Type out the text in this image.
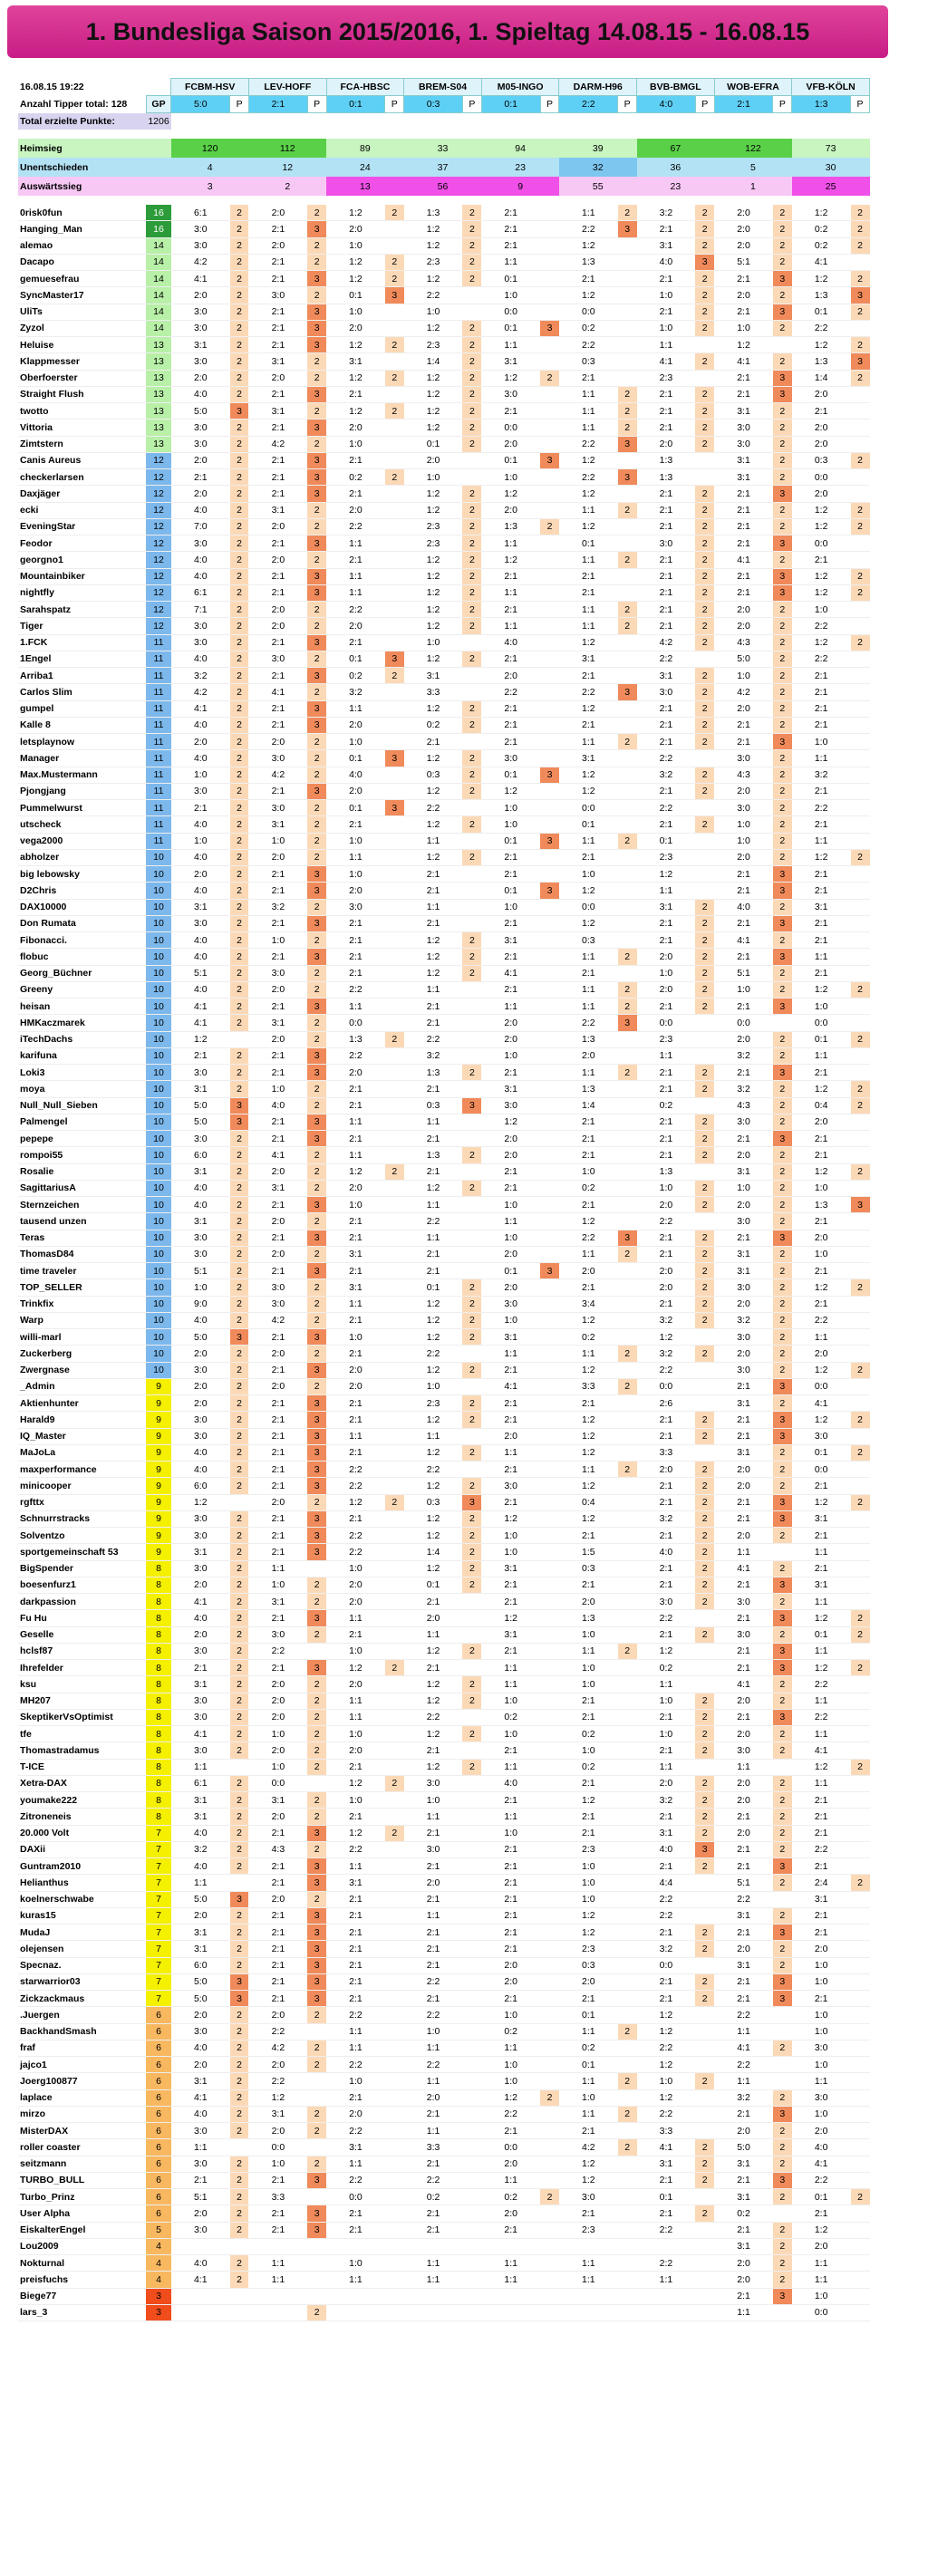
1. Bundesliga Saison 2015/2016, 1. Spieltag 14.08.15 - 16.08.15
16.08.15 19:22		FCBM-HSV		LEV-HOFF		FCA-HBSC		BREM-S04		M05-INGO		DARM-H96		BVB-BMGL		WOB-EFRA		VFB-KÖLN	
Anzahl Tipper total: 128	GP	5:0	P	2:1	P	0:1	P	0:3	P	0:1	P	2:2	P	4:0	P	2:1	P	1:3	P
Total erzielte Punkte:	1206																		

Heimsieg		120		112		89		33		94		39		67		122		73	
Unentschieden		4		12		24		37		23		32		36		5		30	
Auswärtssieg		3		2		13		56		9		55		23		1		25	

0risk0fun	16	6:1	2	2:0	2	1:2	2	1:3	2	2:1		1:1	2	3:2	2	2:0	2	1:2	2
Hanging_Man	16	3:0	2	2:1	3	2:0		1:2	2	2:1		2:2	3	2:1	2	2:0	2	0:2	2
alemao	14	3:0	2	2:0	2	1:0		1:2	2	2:1		1:2		3:1	2	2:0	2	0:2	2
Dacapo	14	4:2	2	2:1	2	1:2	2	2:3	2	1:1		1:3		4:0	3	5:1	2	4:1	
gemuesefrau	14	4:1	2	2:1	3	1:2	2	1:2	2	0:1		2:1		2:1	2	2:1	3	1:2	2
SyncMaster17	14	2:0	2	3:0	2	0:1	3	2:2		1:0		1:2		1:0	2	2:0	2	1:3	3
UliTs	14	3:0	2	2:1	3	1:0		1:0		0:0		0:0		2:1	2	2:1	3	0:1	2
Zyzol	14	3:0	2	2:1	3	2:0		1:2	2	0:1	3	0:2		1:0	2	1:0	2	2:2	
Heluise	13	3:1	2	2:1	3	1:2	2	2:3	2	1:1		2:2		1:1		1:2		1:2	2
Klappmesser	13	3:0	2	3:1	2	3:1		1:4	2	3:1		0:3		4:1	2	4:1	2	1:3	3
Oberfoerster	13	2:0	2	2:0	2	1:2	2	1:2	2	1:2	2	2:1		2:3		2:1	3	1:4	2
Straight Flush	13	4:0	2	2:1	3	2:1		1:2	2	3:0		1:1	2	2:1	2	2:1	3	2:0	
twotto	13	5:0	3	3:1	2	1:2	2	1:2	2	2:1		1:1	2	2:1	2	3:1	2	2:1	
Vittoria	13	3:0	2	2:1	3	2:0		1:2	2	0:0		1:1	2	2:1	2	3:0	2	2:0	
Zimtstern	13	3:0	2	4:2	2	1:0		0:1	2	2:0		2:2	3	2:0	2	3:0	2	2:0	
Canis Aureus	12	2:0	2	2:1	3	2:1		2:0		0:1	3	1:2		1:3		3:1	2	0:3	2
checkerlarsen	12	2:1	2	2:1	3	0:2	2	1:0		1:0		2:2	3	1:3		3:1	2	0:0	
Daxjäger	12	2:0	2	2:1	3	2:1		1:2	2	1:2		1:2		2:1	2	2:1	3	2:0	
ecki	12	4:0	2	3:1	2	2:0		1:2	2	2:0		1:1	2	2:1	2	2:1	2	1:2	2
EveningStar	12	7:0	2	2:0	2	2:2		2:3	2	1:3	2	1:2		2:1	2	2:1	2	1:2	2
Feodor	12	3:0	2	2:1	3	1:1		2:3	2	1:1		0:1		3:0	2	2:1	3	0:0	
georgno1	12	4:0	2	2:0	2	2:1		1:2	2	1:2		1:1	2	2:1	2	4:1	2	2:1	
Mountainbiker	12	4:0	2	2:1	3	1:1		1:2	2	2:1		2:1		2:1	2	2:1	3	1:2	2
nightfly	12	6:1	2	2:1	3	1:1		1:2	2	1:1		2:1		2:1	2	2:1	3	1:2	2
Sarahspatz	12	7:1	2	2:0	2	2:2		1:2	2	2:1		1:1	2	2:1	2	2:0	2	1:0	
Tiger	12	3:0	2	2:0	2	2:0		1:2	2	1:1		1:1	2	2:1	2	2:0	2	2:2	
1.FCK	11	3:0	2	2:1	3	2:1		1:0		4:0		1:2		4:2	2	4:3	2	1:2	2
1Engel	11	4:0	2	3:0	2	0:1	3	1:2	2	2:1		3:1		2:2		5:0	2	2:2	
Arriba1	11	3:2	2	2:1	3	0:2	2	3:1		2:0		2:1		3:1	2	1:0	2	2:1	
Carlos Slim	11	4:2	2	4:1	2	3:2		3:3		2:2		2:2	3	3:0	2	4:2	2	2:1	
gumpel	11	4:1	2	2:1	3	1:1		1:2	2	2:1		1:2		2:1	2	2:0	2	2:1	
Kalle 8	11	4:0	2	2:1	3	2:0		0:2	2	2:1		2:1		2:1	2	2:1	2	2:1	
letsplaynow	11	2:0	2	2:0	2	1:0		2:1		2:1		1:1	2	2:1	2	2:1	3	1:0	
Manager	11	4:0	2	3:0	2	0:1	3	1:2	2	3:0		3:1		2:2		3:0	2	1:1	
Max.Mustermann	11	1:0	2	4:2	2	4:0		0:3	2	0:1	3	1:2		3:2	2	4:3	2	3:2	
Pjongjang	11	3:0	2	2:1	3	2:0		1:2	2	1:2		1:2		2:1	2	2:0	2	2:1	
Pummelwurst	11	2:1	2	3:0	2	0:1	3	2:2		1:0		0:0		2:2		3:0	2	2:2	
utscheck	11	4:0	2	3:1	2	2:1		1:2	2	1:0		0:1		2:1	2	1:0	2	2:1	
vega2000	11	1:0	2	1:0	2	1:0		1:1		0:1	3	1:1	2	0:1		1:0	2	1:1	
abholzer	10	4:0	2	2:0	2	1:1		1:2	2	2:1		2:1		2:3		2:0	2	1:2	2
big lebowsky	10	2:0	2	2:1	3	1:0		2:1		2:1		1:0		1:2		2:1	3	2:1	
D2Chris	10	4:0	2	2:1	3	2:0		2:1		0:1	3	1:2		1:1		2:1	3	2:1	
DAX10000	10	3:1	2	3:2	2	3:0		1:1		1:0		0:0		3:1	2	4:0	2	3:1	
Don Rumata	10	3:0	2	2:1	3	2:1		2:1		2:1		1:2		2:1	2	2:1	3	2:1	
Fibonacci.	10	4:0	2	1:0	2	2:1		1:2	2	3:1		0:3		2:1	2	4:1	2	2:1	
flobuc	10	4:0	2	2:1	3	2:1		1:2	2	2:1		1:1	2	2:0	2	2:1	3	1:1	
Georg_Büchner	10	5:1	2	3:0	2	2:1		1:2	2	4:1		2:1		1:0	2	5:1	2	2:1	
Greeny	10	4:0	2	2:0	2	2:2		1:1		2:1		1:1	2	2:0	2	1:0	2	1:2	2
heisan	10	4:1	2	2:1	3	1:1		2:1		1:1		1:1	2	2:1	2	2:1	3	1:0	
HMKaczmarek	10	4:1	2	3:1	2	0:0		2:1		2:0		2:2	3	0:0		0:0		0:0	
iTechDachs	10	1:2		2:0	2	1:3	2	2:2		2:0		1:3		2:3		2:0	2	0:1	2
karifuna	10	2:1	2	2:1	3	2:2		3:2		1:0		2:0		1:1		3:2	2	1:1	
Loki3	10	3:0	2	2:1	3	2:0		1:3	2	2:1		1:1	2	2:1	2	2:1	3	2:1	
moya	10	3:1	2	1:0	2	2:1		2:1		3:1		1:3		2:1	2	3:2	2	1:2	2
Null_Null_Sieben	10	5:0	3	4:0	2	2:1		0:3	3	3:0		1:4		0:2		4:3	2	0:4	2
Palmengel	10	5:0	3	2:1	3	1:1		1:1		1:2		2:1		2:1	2	3:0	2	2:0	
pepepe	10	3:0	2	2:1	3	2:1		2:1		2:0		2:1		2:1	2	2:1	3	2:1	
rompoi55	10	6:0	2	4:1	2	1:1		1:3	2	2:0		2:1		2:1	2	2:0	2	2:1	
Rosalie	10	3:1	2	2:0	2	1:2	2	2:1		2:1		1:0		1:3		3:1	2	1:2	2
SagittariusA	10	4:0	2	3:1	2	2:0		1:2	2	2:1		0:2		1:0	2	1:0	2	1:0	
Sternzeichen	10	4:0	2	2:1	3	1:0		1:1		1:0		2:1		2:0	2	2:0	2	1:3	3
tausend unzen	10	3:1	2	2:0	2	2:1		2:2		1:1		1:2		2:2		3:0	2	2:1	
Teras	10	3:0	2	2:1	3	2:1		1:1		1:0		2:2	3	2:1	2	2:1	3	2:0	
ThomasD84	10	3:0	2	2:0	2	3:1		2:1		2:0		1:1	2	2:1	2	3:1	2	1:0	
time traveler	10	5:1	2	2:1	3	2:1		2:1		0:1	3	2:0		2:0	2	3:1	2	2:1	
TOP_SELLER	10	1:0	2	3:0	2	3:1		0:1	2	2:0		2:1		2:0	2	3:0	2	1:2	2
Trinkfix	10	9:0	2	3:0	2	1:1		1:2	2	3:0		3:4		2:1	2	2:0	2	2:1	
Warp	10	4:0	2	4:2	2	2:1		1:2	2	1:0		1:2		3:2	2	3:2	2	2:2	
willi-marl	10	5:0	3	2:1	3	1:0		1:2	2	3:1		0:2		1:2		3:0	2	1:1	
Zuckerberg	10	2:0	2	2:0	2	2:1		2:2		1:1		1:1	2	3:2	2	2:0	2	2:0	
Zwergnase	10	3:0	2	2:1	3	2:0		1:2	2	2:1		1:2		2:2		3:0	2	1:2	2
_Admin	9	2:0	2	2:0	2	2:0		1:0		4:1		3:3	2	0:0		2:1	3	0:0	
Aktienhunter	9	2:0	2	2:1	3	2:1		2:3	2	2:1		2:1		2:6		3:1	2	4:1	
Harald9	9	3:0	2	2:1	3	2:1		1:2	2	2:1		1:2		2:1	2	2:1	3	1:2	2
IQ_Master	9	3:0	2	2:1	3	1:1		1:1		2:0		1:2		2:1	2	2:1	3	3:0	
MaJoLa	9	4:0	2	2:1	3	2:1		1:2	2	1:1		1:2		3:3		3:1	2	0:1	2
maxperformance	9	4:0	2	2:1	3	2:2		2:2		2:1		1:1	2	2:0	2	2:0	2	0:0	
minicooper	9	6:0	2	2:1	3	2:2		1:2	2	3:0		1:2		2:1	2	2:0	2	2:1	
rgfttx	9	1:2		2:0	2	1:2	2	0:3	3	2:1		0:4		2:1	2	2:1	3	1:2	2
Schnurrstracks	9	3:0	2	2:1	3	2:1		1:2	2	1:2		1:2		3:2	2	2:1	3	3:1	
Solventzo	9	3:0	2	2:1	3	2:2		1:2	2	1:0		2:1		2:1	2	2:0	2	2:1	
sportgemeinschaft 53	9	3:1	2	2:1	3	2:2		1:4	2	1:0		1:5		4:0	2	1:1		1:1	
BigSpender	8	3:0	2	1:1		1:0		1:2	2	3:1		0:3		2:1	2	4:1	2	2:1	
boesenfurz1	8	2:0	2	1:0	2	2:0		0:1	2	2:1		2:1		2:1	2	2:1	3	3:1	
darkpassion	8	4:1	2	3:1	2	2:0		2:1		2:1		2:0		3:0	2	3:0	2	1:1	
Fu Hu	8	4:0	2	2:1	3	1:1		2:0		1:2		1:3		2:2		2:1	3	1:2	2
Geselle	8	2:0	2	3:0	2	2:1		1:1		3:1		1:0		2:1	2	3:0	2	0:1	2
hclsf87	8	3:0	2	2:2		1:0		1:2	2	2:1		1:1	2	1:2		2:1	3	1:1	
Ihrefelder	8	2:1	2	2:1	3	1:2	2	2:1		1:1		1:0		0:2		2:1	3	1:2	2
ksu	8	3:1	2	2:0	2	2:0		1:2	2	1:1		1:0		1:1		4:1	2	2:2	
MH207	8	3:0	2	2:0	2	1:1		1:2	2	1:0		2:1		1:0	2	2:0	2	1:1	
SkeptikerVsOptimist	8	3:0	2	2:0	2	1:1		2:2		0:2		2:1		2:1	2	2:1	3	2:2	
tfe	8	4:1	2	1:0	2	1:0		1:2	2	1:0		0:2		1:0	2	2:0	2	1:1	
Thomastradamus	8	3:0	2	2:0	2	2:0		2:1		2:1		1:0		2:1	2	3:0	2	4:1	
T-ICE	8	1:1		1:0	2	2:1		1:2	2	1:1		0:2		1:1		1:1		1:2	2
Xetra-DAX	8	6:1	2	0:0		1:2	2	3:0		4:0		2:1		2:0	2	2:0	2	1:1	
youmake222	8	3:1	2	3:1	2	1:0		1:0		2:1		1:2		3:2	2	2:0	2	2:1	
Zitroneneis	8	3:1	2	2:0	2	2:1		1:1		1:1		2:1		2:1	2	2:1	2	2:1	
20.000 Volt	7	4:0	2	2:1	3	1:2	2	2:1		1:0		2:1		3:1	2	2:0	2	2:1	
DAXii	7	3:2	2	4:3	2	2:2		3:0		2:1		2:3		4:0	3	2:1	2	2:2	
Guntram2010	7	4:0	2	2:1	3	1:1		2:1		2:1		1:0		2:1	2	2:1	3	2:1	
Helianthus	7	1:1		2:1	3	3:1		2:0		2:1		1:0		4:4		5:1	2	2:4	2
koelnerschwabe	7	5:0	3	2:0	2	2:1		2:1		2:1		1:0		2:2		2:2		3:1	
kuras15	7	2:0	2	2:1	3	2:1		1:1		2:1		1:2		2:2		3:1	2	2:1	
MudaJ	7	3:1	2	2:1	3	2:1		2:1		2:1		1:2		2:1	2	2:1	3	2:1	
olejensen	7	3:1	2	2:1	3	2:1		2:1		2:1		2:3		3:2	2	2:0	2	2:0	
Specnaz.	7	6:0	2	2:1	3	2:1		2:1		2:0		0:3		0:0		3:1	2	1:0	
starwarrior03	7	5:0	3	2:1	3	2:1		2:2		2:0		2:0		2:1	2	2:1	3	1:0	
Zickzackmaus	7	5:0	3	2:1	3	2:1		2:1		2:1		2:1		2:1	2	2:1	3	2:1	
.Juergen	6	2:0	2	2:0	2	2:2		2:2		1:0		0:1		1:2		2:2		1:0	
BackhandSmash	6	3:0	2	2:2		1:1		1:0		0:2		1:1	2	1:2		1:1		1:0	
fraf	6	4:0	2	4:2	2	1:1		1:1		1:1		0:2		2:2		4:1	2	3:0	
jajco1	6	2:0	2	2:0	2	2:2		2:2		1:0		0:1		1:2		2:2		1:0	
Joerg100877	6	3:1	2	2:2		1:0		1:1		1:0		1:1	2	1:0	2	1:1		1:1	
laplace	6	4:1	2	1:2		2:1		2:0		1:2	2	1:0		1:2		3:2	2	3:0	
mirzo	6	4:0	2	3:1	2	2:0		2:1		2:2		1:1	2	2:2		2:1	3	1:0	
MisterDAX	6	3:0	2	2:0	2	2:2		1:1		2:1		2:1		3:3		2:0	2	2:0	
roller coaster	6	1:1		0:0		3:1		3:3		0:0		4:2	2	4:1	2	5:0	2	4:0	
seitzmann	6	3:0	2	1:0	2	1:1		2:1		2:0		1:2		3:1	2	3:1	2	4:1	
TURBO_BULL	6	2:1	2	2:1	3	2:2		2:2		1:1		1:2		2:1	2	2:1	3	2:2	
Turbo_Prinz	6	5:1	2	3:3		0:0		0:2		0:2	2	3:0		0:1		3:1	2	0:1	2
User Alpha	6	2:0	2	2:1	3	2:1		2:1		2:0		2:1		2:1	2	0:2		2:1	
EiskalterEngel	5	3:0	2	2:1	3	2:1		2:1		2:1		2:3		2:2		2:1	2	1:2	
Lou2009	4															3:1	2	2:0	
Nokturnal	4	4:0	2	1:1		1:0		1:1		1:1		1:1		2:2		2:0	2	1:1	
preisfuchs	4	4:1	2	1:1		1:1		1:1		1:1		1:1		1:1		2:0	2	1:1	
Biege77	3															2:1	3	1:0	
lars_3	3				2											1:1		0:0	
